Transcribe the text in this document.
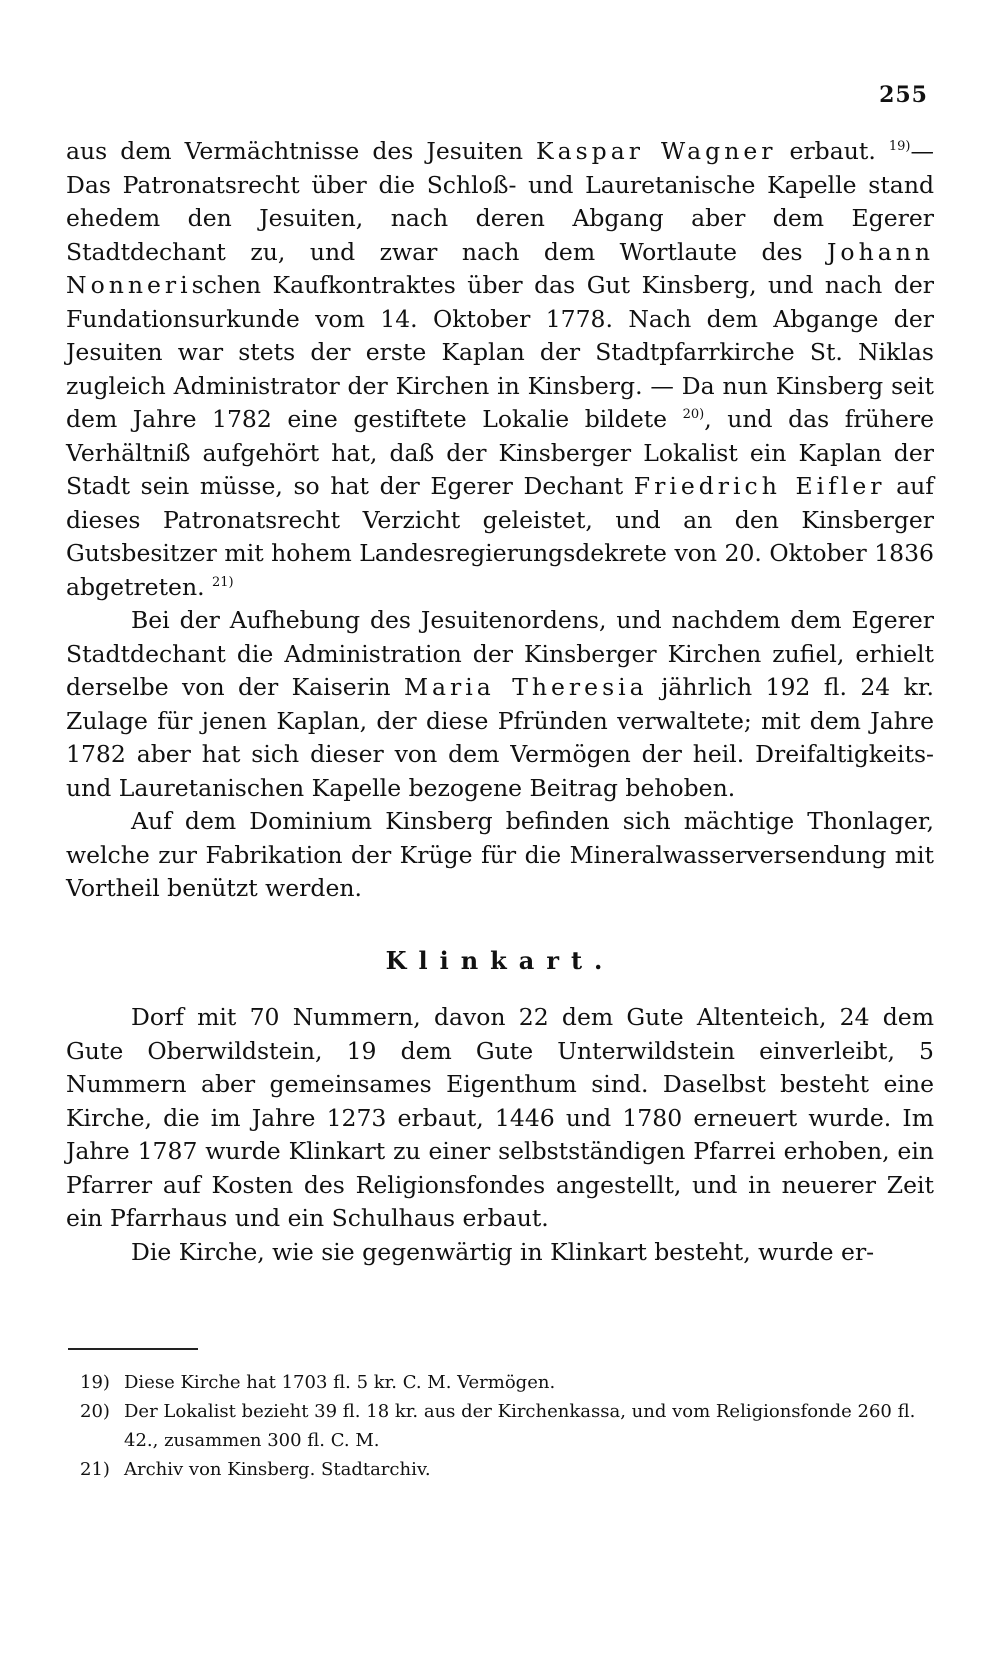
255

aus dem Vermächtnisse des Jesuiten Kaspar Wagner erbaut. $^{19)}$— Das Patronatsrecht über die Schloß- und Lauretanische Kapelle stand ehedem den Jesuiten, nach deren Abgang aber dem Egerer Stadtdechant zu, und zwar nach dem Wortlaute des Johann Nonnerischen Kaufkontraktes über das Gut Kinsberg, und nach der Fundationsurkunde vom 14. Oktober 1778. Nach dem Abgange der Jesuiten war stets der erste Kaplan der Stadtpfarrkirche St. Niklas zugleich Administrator der Kirchen in Kinsberg. — Da nun Kinsberg seit dem Jahre 1782 eine gestiftete Lokalie bildete $^{20)}$, und das frühere Verhältniß aufgehört hat, daß der Kinsberger Lokalist ein Kaplan der Stadt sein müsse, so hat der Egerer Dechant Friedrich Eifler auf dieses Patronatsrecht Verzicht geleistet, und an den Kinsberger Gutsbesitzer mit hohem Landesregierungsdekrete von 20. Oktober 1836 abgetreten. $^{21)}$

Bei der Aufhebung des Jesuitenordens, und nachdem dem Egerer Stadtdechant die Administration der Kinsberger Kirchen zufiel, erhielt derselbe von der Kaiserin Maria Theresia jährlich 192 fl. 24 kr. Zulage für jenen Kaplan, der diese Pfründen verwaltete; mit dem Jahre 1782 aber hat sich dieser von dem Vermögen der heil. Dreifaltigkeits- und Lauretanischen Kapelle bezogene Beitrag behoben.

Auf dem Dominium Kinsberg befinden sich mächtige Thonlager, welche zur Fabrikation der Krüge für die Mineralwasserversendung mit Vortheil benützt werden.

Klinkart.

Dorf mit 70 Nummern, davon 22 dem Gute Altenteich, 24 dem Gute Oberwildstein, 19 dem Gute Unterwildstein einverleibt, 5 Nummern aber gemeinsames Eigenthum sind. Daselbst besteht eine Kirche, die im Jahre 1273 erbaut, 1446 und 1780 erneuert wurde. Im Jahre 1787 wurde Klinkart zu einer selbstständigen Pfarrei erhoben, ein Pfarrer auf Kosten des Religionsfondes angestellt, und in neuerer Zeit ein Pfarrhaus und ein Schulhaus erbaut.

Die Kirche, wie sie gegenwärtig in Klinkart besteht, wurde er-

19) Diese Kirche hat 1703 fl. 5 kr. C. M. Vermögen.
20) Der Lokalist bezieht 39 fl. 18 kr. aus der Kirchenkassa, und vom Religionsfonde 260 fl. 42., zusammen 300 fl. C. M.
21) Archiv von Kinsberg. Stadtarchiv.
